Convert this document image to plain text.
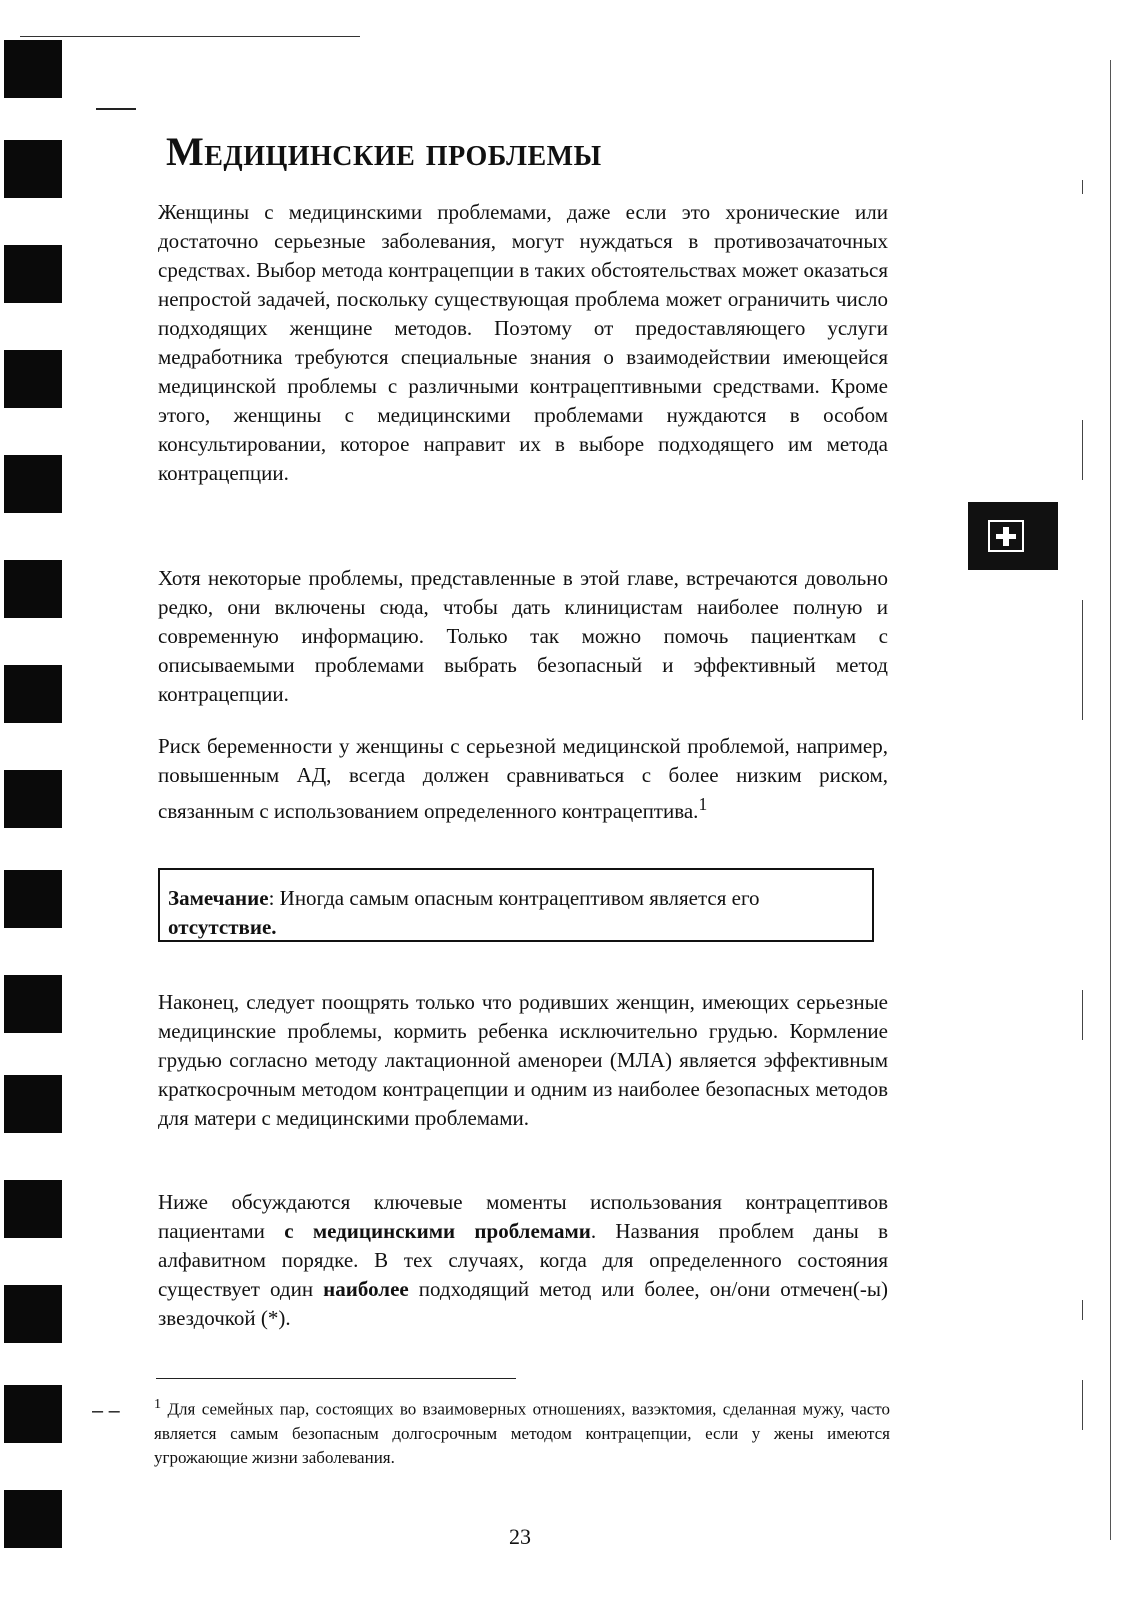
Медицинские проблемы

Женщины с медицинскими проблемами, даже если это хронические или достаточно серьезные заболевания, могут нуждаться в противозачаточных средствах. Выбор метода контрацепции в таких обстоятельствах может оказаться непростой задачей, поскольку существующая проблема может ограничить число подходящих женщине методов. Поэтому от предоставляющего услуги медработника требуются специальные знания о взаимодействии имеющейся медицинской проблемы с различными контрацептивными средствами. Кроме этого, женщины с медицинскими проблемами нуждаются в особом консультировании, которое направит их в выборе подходящего им метода контрацепции.

Хотя некоторые проблемы, представленные в этой главе, встречаются довольно редко, они включены сюда, чтобы дать клиницистам наиболее полную и современную информацию. Только так можно помочь пациенткам с описываемыми проблемами выбрать безопасный и эффективный метод контрацепции.

Риск беременности у женщины с серьезной медицинской проблемой, например, повышенным АД, всегда должен сравниваться с более низким риском, связанным с использованием определенного контрацептива.$^1$

Замечание: Иногда самым опасным контрацептивом является его отсутствие.

Наконец, следует поощрять только что родивших женщин, имеющих серьезные медицинские проблемы, кормить ребенка исключительно грудью. Кормление грудью согласно методу лактационной аменореи (МЛА) является эффективным краткосрочным методом контрацепции и одним из наиболее безопасных методов для матери с медицинскими проблемами.

Ниже обсуждаются ключевые моменты использования контрацептивов пациентами с медицинскими проблемами. Названия проблем даны в алфавитном порядке. В тех случаях, когда для определенного состояния существует один наиболее подходящий метод или более, он/они отмечен(-ы) звездочкой (*).

– – $^1$ Для семейных пар, состоящих во взаимоверных отношениях, вазэктомия, сделанная мужу, часто является самым безопасным долгосрочным методом контрацепции, если у жены имеются угрожающие жизни заболевания.

23
